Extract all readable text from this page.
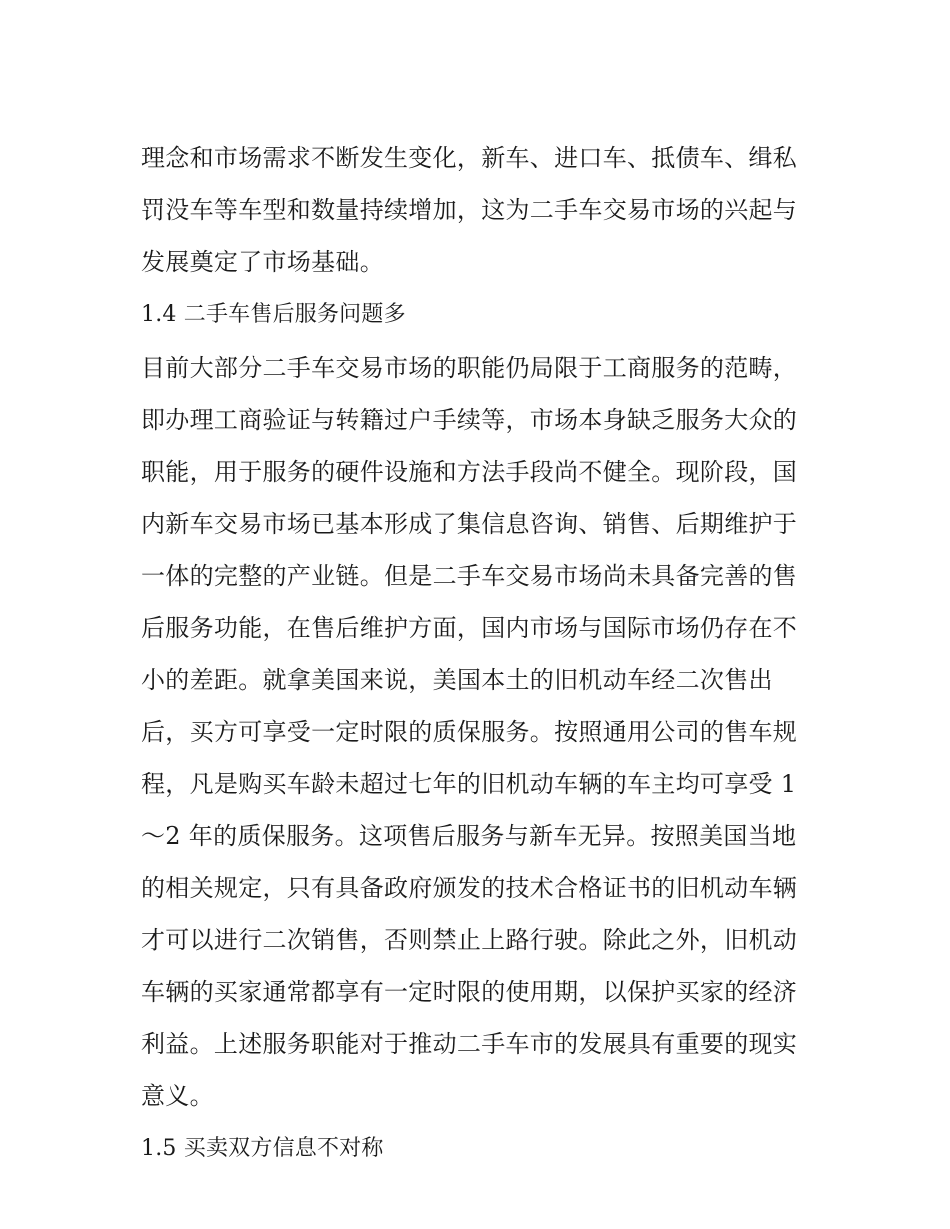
理念和市场需求不断发生变化，新车、进口车、抵债车、缉私
罚没车等车型和数量持续增加，这为二手车交易市场的兴起与
发展奠定了市场基础。
1.4 二手车售后服务问题多
目前大部分二手车交易市场的职能仍局限于工商服务的范畴，
即办理工商验证与转籍过户手续等，市场本身缺乏服务大众的
职能，用于服务的硬件设施和方法手段尚不健全。现阶段，国
内新车交易市场已基本形成了集信息咨询、销售、后期维护于
一体的完整的产业链。但是二手车交易市场尚未具备完善的售
后服务功能，在售后维护方面，国内市场与国际市场仍存在不
小的差距。就拿美国来说，美国本土的旧机动车经二次售出
后，买方可享受一定时限的质保服务。按照通用公司的售车规
程，凡是购买车龄未超过七年的旧机动车辆的车主均可享受 1
～2 年的质保服务。这项售后服务与新车无异。按照美国当地
的相关规定，只有具备政府颁发的技术合格证书的旧机动车辆
才可以进行二次销售，否则禁止上路行驶。除此之外，旧机动
车辆的买家通常都享有一定时限的使用期，以保护买家的经济
利益。上述服务职能对于推动二手车市的发展具有重要的现实
意义。
1.5 买卖双方信息不对称
